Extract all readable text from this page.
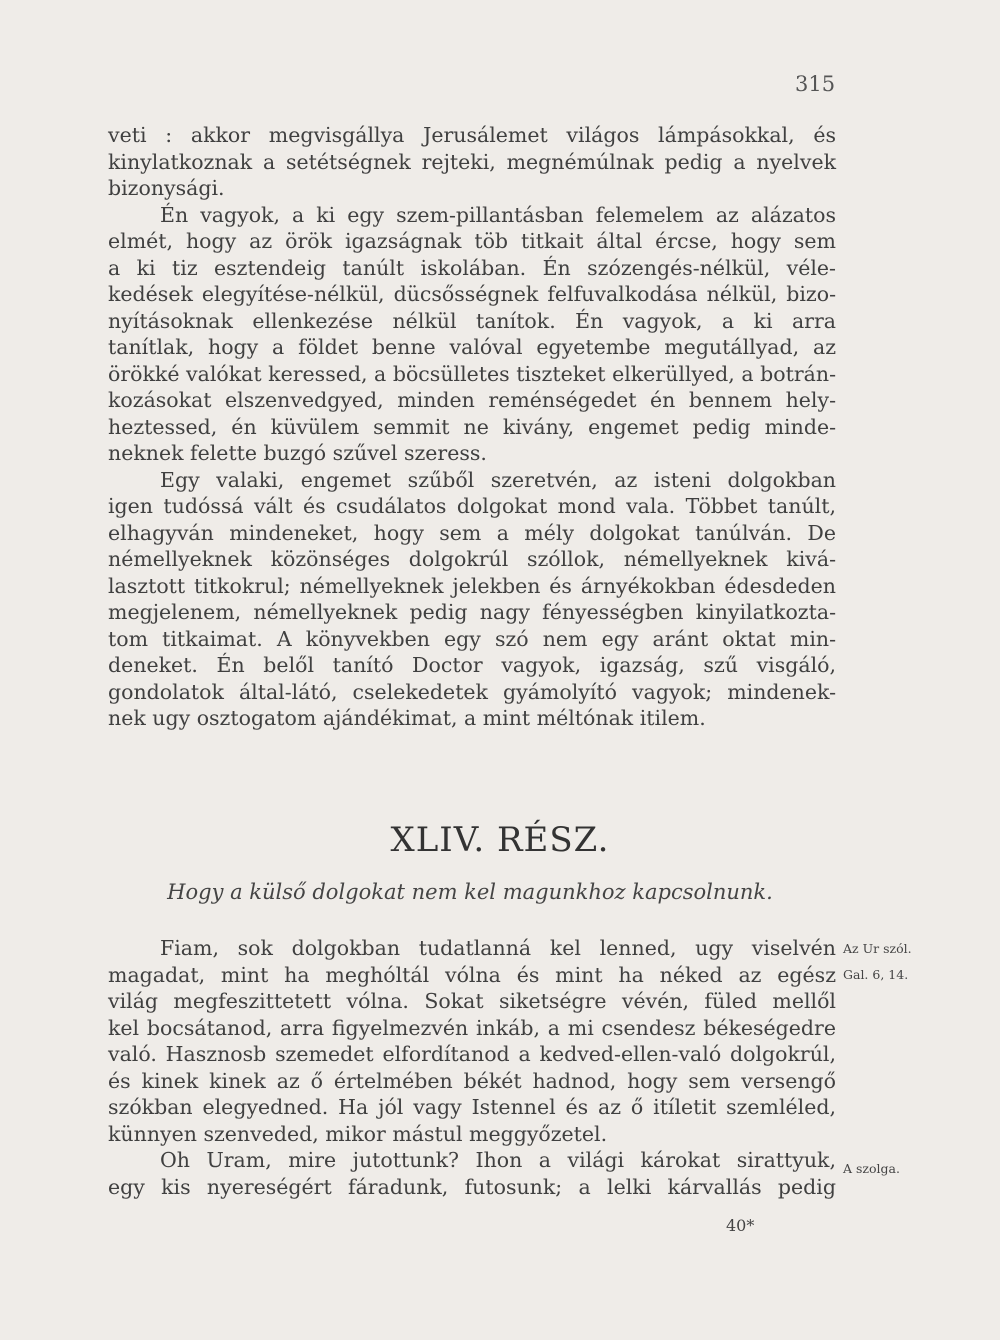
315
veti : akkor megvisgállya Jerusálemet világos lámpásokkal, és
kinylatkoznak a setétségnek rejteki, megnémúlnak pedig a nyelvek
bizonysági.
Én vagyok, a ki egy szem-pillantásban felemelem az alázatos
elmét, hogy az örök igazságnak töb titkait által ércse, hogy sem
a ki tiz esztendeig tanúlt iskolában. Én szózengés-nélkül, véle-
kedések elegyítése-nélkül, dücsősségnek felfuvalkodása nélkül, bizo-
nyításoknak ellenkezése nélkül tanítok. Én vagyok, a ki arra
tanítlak, hogy a földet benne valóval egyetembe megutállyad, az
örökké valókat keressed, a böcsülletes tiszteket elkerüllyed, a botrán-
kozásokat elszenvedgyed, minden reménségedet én bennem hely-
heztessed, én küvülem semmit ne kivány, engemet pedig minde-
neknek felette buzgó szűvel szeress.
Egy valaki, engemet szűből szeretvén, az isteni dolgokban
igen tudóssá vált és csudálatos dolgokat mond vala. Többet tanúlt,
elhagyván mindeneket, hogy sem a mély dolgokat tanúlván. De
némellyeknek közönséges dolgokrúl szóllok, némellyeknek kivá-
lasztott titkokrul; némellyeknek jelekben és árnyékokban édesdeden
megjelenem, némellyeknek pedig nagy fényességben kinyilatkozta-
tom titkaimat. A könyvekben egy szó nem egy aránt oktat min-
deneket. Én belől tanító Doctor vagyok, igazság, szű visgáló,
gondolatok által-látó, cselekedetek gyámolyító vagyok; mindenek-
nek ugy osztogatom ajándékimat, a mint méltónak itilem.
XLIV. RÉSZ.
Hogy a külső dolgokat nem kel magunkhoz kapcsolnunk.
Fiam, sok dolgokban tudatlanná kel lenned, ugy viselvén
magadat, mint ha meghóltál vólna és mint ha néked az egész
világ megfeszittetett vólna. Sokat siketségre vévén, füled mellől
kel bocsátanod, arra figyelmezvén inkáb, a mi csendesz békeségedre
való. Hasznosb szemedet elfordítanod a kedved-ellen-való dolgokrúl,
és kinek kinek az ő értelmében békét hadnod, hogy sem versengő
szókban elegyedned. Ha jól vagy Istennel és az ő itíletit szemléled,
künnyen szenveded, mikor mástul meggyőzetel.
Oh Uram, mire jutottunk? Ihon a világi károkat sirattyuk,
egy kis nyereségért fáradunk, futosunk; a lelki kárvallás pedig
Az Ur szól.
Gal. 6, 14.
A szolga.
40*
